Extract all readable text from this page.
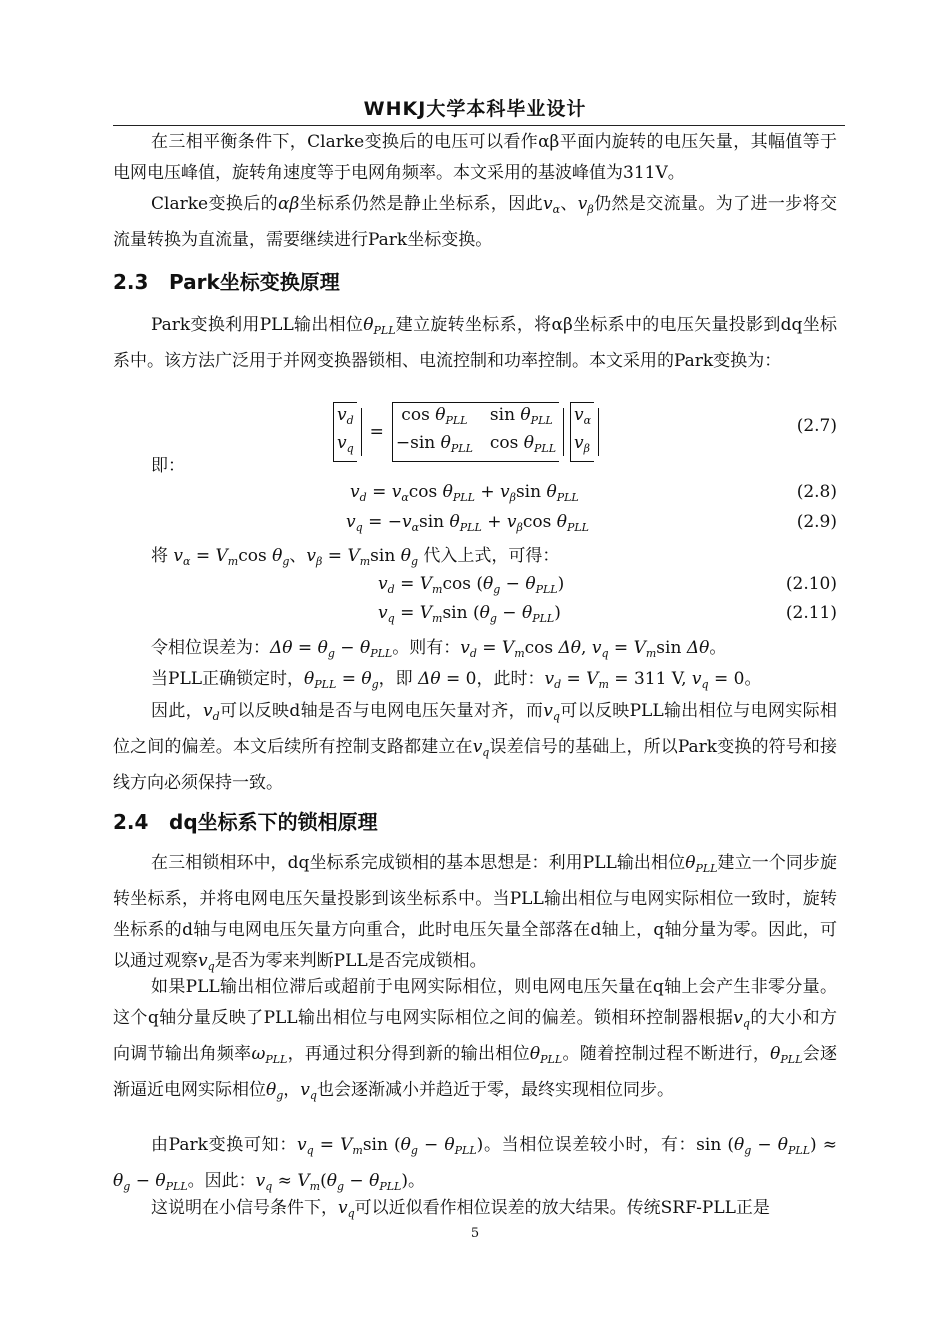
WHKJ大学本科毕业设计

在三相平衡条件下，Clarke变换后的电压可以看作αβ平面内旋转的电压矢量，其幅值等于电网电压峰值，旋转角速度等于电网角频率。本文采用的基波峰值为311V。

Clarke变换后的αβ坐标系仍然是静止坐标系，因此$v_\alpha$、$v_\beta$仍然是交流量。为了进一步将交流量转换为直流量，需要继续进行Park坐标变换。

2.3 Park坐标变换原理

Park变换利用PLL输出相位$\theta_{PLL}$建立旋转坐标系，将αβ坐标系中的电压矢量投影到dq坐标系中。该方法广泛用于并网变换器锁相、电流控制和功率控制。本文采用的Park变换为：

$v_d$
$v_q$

=
$\cos \theta_{PLL}$ $\sin \theta_{PLL}$
−sin $\theta_{PLL}$ $\cos \theta_{PLL}$

$v_\alpha$
$v_\beta$

(2.7)

即：

$v_d = v_\alpha\cos$ $\theta_{PLL} + v_\beta\sin$ $\theta_{PLL}$	(2.8)
$v_q = -v_\alpha\sin$ $\theta_{PLL} + v_\beta\cos$ $\theta_{PLL}$	(2.9)

将 $v_\alpha = V_m\cos$ $\theta_g$、$v_\beta = V_m\sin$ $\theta_g$ 代入上式，可得：

$v_d = V_m\cos$ $(\theta_g - \theta_{PLL})$	(2.10)
$v_q = V_m\sin$ $(\theta_g - \theta_{PLL})$	(2.11)

令相位误差为：$\Delta\theta = \theta_g - \theta_{PLL}$。则有：$v_d = V_m\cos$ Δθ, $v_q = V_m\sin$ Δθ。

当PLL正确锁定时，$\theta_{PLL} = \theta_g$，即 Δθ = 0，此时：$v_d = V_m = 311$ V, $v_q = 0$。

因此，$v_d$可以反映d轴是否与电网电压矢量对齐，而$v_q$可以反映PLL输出相位与电网实际相位之间的偏差。本文后续所有控制支路都建立在$v_q$误差信号的基础上，所以Park变换的符号和接线方向必须保持一致。

2.4 dq坐标系下的锁相原理

在三相锁相环中，dq坐标系完成锁相的基本思想是：利用PLL输出相位$\theta_{PLL}$建立一个同步旋转坐标系，并将电网电压矢量投影到该坐标系中。当PLL输出相位与电网实际相位一致时，旋转坐标系的d轴与电网电压矢量方向重合，此时电压矢量全部落在d轴上，q轴分量为零。因此，可以通过观察$v_q$是否为零来判断PLL是否完成锁相。

如果PLL输出相位滞后或超前于电网实际相位，则电网电压矢量在q轴上会产生非零分量。这个q轴分量反映了PLL输出相位与电网实际相位之间的偏差。锁相环控制器根据$v_q$的大小和方向调节输出角频率$\omega_{PLL}$，再通过积分得到新的输出相位$\theta_{PLL}$。随着控制过程不断进行，$\theta_{PLL}$会逐渐逼近电网实际相位$\theta_g$，$v_q$也会逐渐减小并趋近于零，最终实现相位同步。

由Park变换可知：$v_q = V_m\sin$ $(\theta_g - \theta_{PLL})$。当相位误差较小时，有：$\sin (\theta_g - \theta_{PLL}) \approx \theta_g - \theta_{PLL}$。因此：$v_q \approx V_m(\theta_g - \theta_{PLL})$。

这说明在小信号条件下，$v_q$可以近似看作相位误差的放大结果。传统SRF-PLL正是

5
